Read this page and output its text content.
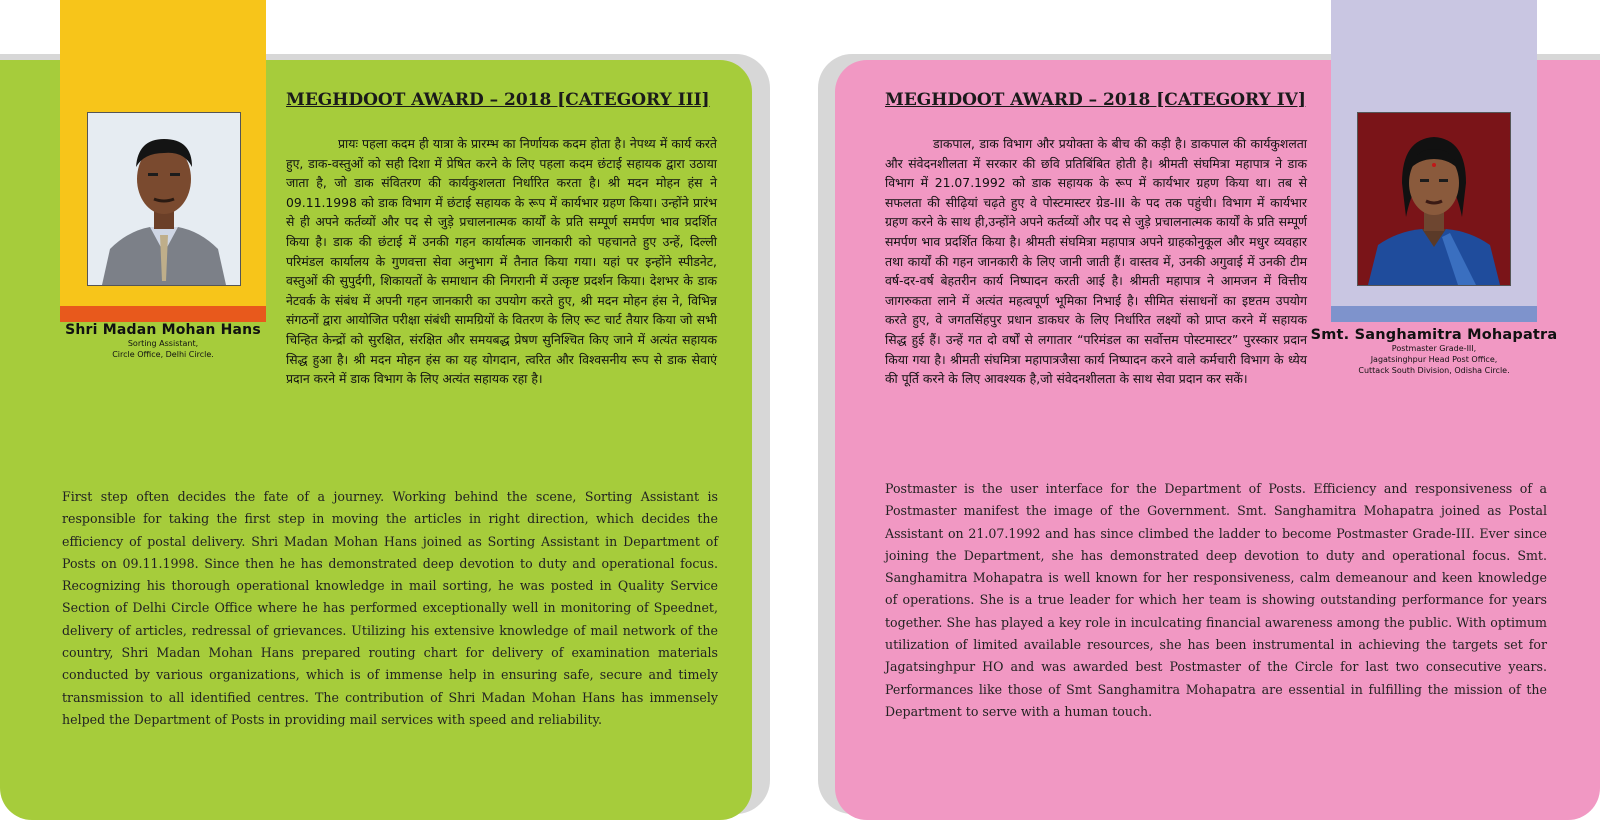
MEGHDOOT AWARD – 2018 [CATEGORY III]
प्रायः पहला कदम ही यात्रा के प्रारम्भ का निर्णायक कदम होता है। नेपथ्य में कार्य करते हुए, डाक-वस्तुओं को सही दिशा में प्रेषित करने के लिए पहला कदम छंटाई सहायक द्वारा उठाया जाता है, जो डाक संवितरण की कार्यकुशलता निर्धारित करता है। श्री मदन मोहन हंस ने 09.11.1998 को डाक विभाग में छंटाई सहायक के रूप में कार्यभार ग्रहण किया। उन्होंने प्रारंभ से ही अपने कर्तव्यों और पद से जुड़े प्रचालनात्मक कार्यों के प्रति सम्पूर्ण समर्पण भाव प्रदर्शित किया है। डाक की छंटाई में उनकी गहन कार्यात्मक जानकारी को पहचानते हुए उन्हें, दिल्ली परिमंडल कार्यालय के गुणवत्ता सेवा अनुभाग में तैनात किया गया। यहां पर इन्होंने स्पीडनेट, वस्तुओं की सुपुर्दगी, शिकायतों के समाधान की निगरानी में उत्कृष्ट प्रदर्शन किया। देशभर के डाक नेटवर्क के संबंध में अपनी गहन जानकारी का उपयोग करते हुए, श्री मदन मोहन हंस ने, विभिन्न संगठनों द्वारा आयोजित परीक्षा संबंधी सामग्रियों के वितरण के लिए रूट चार्ट तैयार किया जो सभी चिन्हित केन्द्रों को सुरक्षित, संरक्षित और समयबद्ध प्रेषण सुनिश्चित किए जाने में अत्यंत सहायक सिद्ध हुआ है। श्री मदन मोहन हंस का यह योगदान, त्वरित और विश्वसनीय रूप से डाक सेवाएं प्रदान करने में डाक विभाग के लिए अत्यंत सहायक रहा है।

First step often decides the fate of a journey. Working behind the scene, Sorting Assistant is responsible for taking the first step in moving the articles in right direction, which decides the efficiency of postal delivery. Shri Madan Mohan Hans joined as Sorting Assistant in Department of Posts on 09.11.1998. Since then he has demonstrated deep devotion to duty and operational focus. Recognizing his thorough operational knowledge in mail sorting, he was posted in Quality Service Section of Delhi Circle Office where he has performed exceptionally well in monitoring of Speednet, delivery of articles, redressal of grievances. Utilizing his extensive knowledge of mail network of the country, Shri Madan Mohan Hans prepared routing chart for delivery of examination materials conducted by various organizations, which is of immense help in ensuring safe, secure and timely transmission to all identified centres. The contribution of Shri Madan Mohan Hans has immensely helped the Department of Posts in providing mail services with speed and reliability.

Shri Madan Mohan Hans
Sorting Assistant,
Circle Office, Delhi Circle.
MEGHDOOT AWARD – 2018 [CATEGORY IV]
डाकपाल, डाक विभाग और प्रयोक्ता के बीच की कड़ी है। डाकपाल की कार्यकुशलता और संवेदनशीलता में सरकार की छवि प्रतिबिंबित होती है। श्रीमती संघमित्रा महापात्र ने डाक विभाग में 21.07.1992 को डाक सहायक के रूप में कार्यभार ग्रहण किया था। तब से सफलता की सीढ़ियां चढ़ते हुए वे पोस्टमास्टर ग्रेड-III के पद तक पहुंची। विभाग में कार्यभार ग्रहण करने के साथ ही,उन्होंने अपने कर्तव्यों और पद से जुड़े प्रचालनात्मक कार्यों के प्रति सम्पूर्ण समर्पण भाव प्रदर्शित किया है। श्रीमती संघमित्रा महापात्र अपने ग्राहकोनुकूल और मधुर व्यवहार तथा कार्यों की गहन जानकारी के लिए जानी जाती हैं। वास्तव में, उनकी अगुवाई में उनकी टीम वर्ष-दर-वर्ष बेहतरीन कार्य निष्पादन करती आई है। श्रीमती महापात्र ने आमजन में वित्तीय जागरुकता लाने में अत्यंत महत्वपूर्ण भूमिका निभाई है। सीमित संसाधनों का इष्टतम उपयोग करते हुए, वे जगतसिंहपुर प्रधान डाकघर के लिए निर्धारित लक्ष्यों को प्राप्त करने में सहायक सिद्ध हुई हैं। उन्हें गत दो वर्षों से लगातार “परिमंडल का सर्वोत्तम पोस्टमास्टर” पुरस्कार प्रदान किया गया है। श्रीमती संघमित्रा महापात्रजैसा कार्य निष्पादन करने वाले कर्मचारी विभाग के ध्येय की पूर्ति करने के लिए आवश्यक है,जो संवेदनशीलता के साथ सेवा प्रदान कर सकें।

Postmaster is the user interface for the Department of Posts. Efficiency and responsiveness of a Postmaster manifest the image of the Government. Smt. Sanghamitra Mohapatra joined as Postal Assistant on 21.07.1992 and has since climbed the ladder to become Postmaster Grade-III. Ever since joining the Department, she has demonstrated deep devotion to duty and operational focus. Smt. Sanghamitra Mohapatra is well known for her responsiveness, calm demeanour and keen knowledge of operations. She is a true leader for which her team is showing outstanding performance for years together. She has played a key role in inculcating financial awareness among the public. With optimum utilization of limited available resources, she has been instrumental in achieving the targets set for Jagatsinghpur HO and was awarded best Postmaster of the Circle for last two consecutive years. Performances like those of Smt Sanghamitra Mohapatra are essential in fulfilling the mission of the Department to serve with a human touch.

Smt. Sanghamitra Mohapatra
Postmaster Grade-III,
Jagatsinghpur Head Post Office,
Cuttack South Division, Odisha Circle.
